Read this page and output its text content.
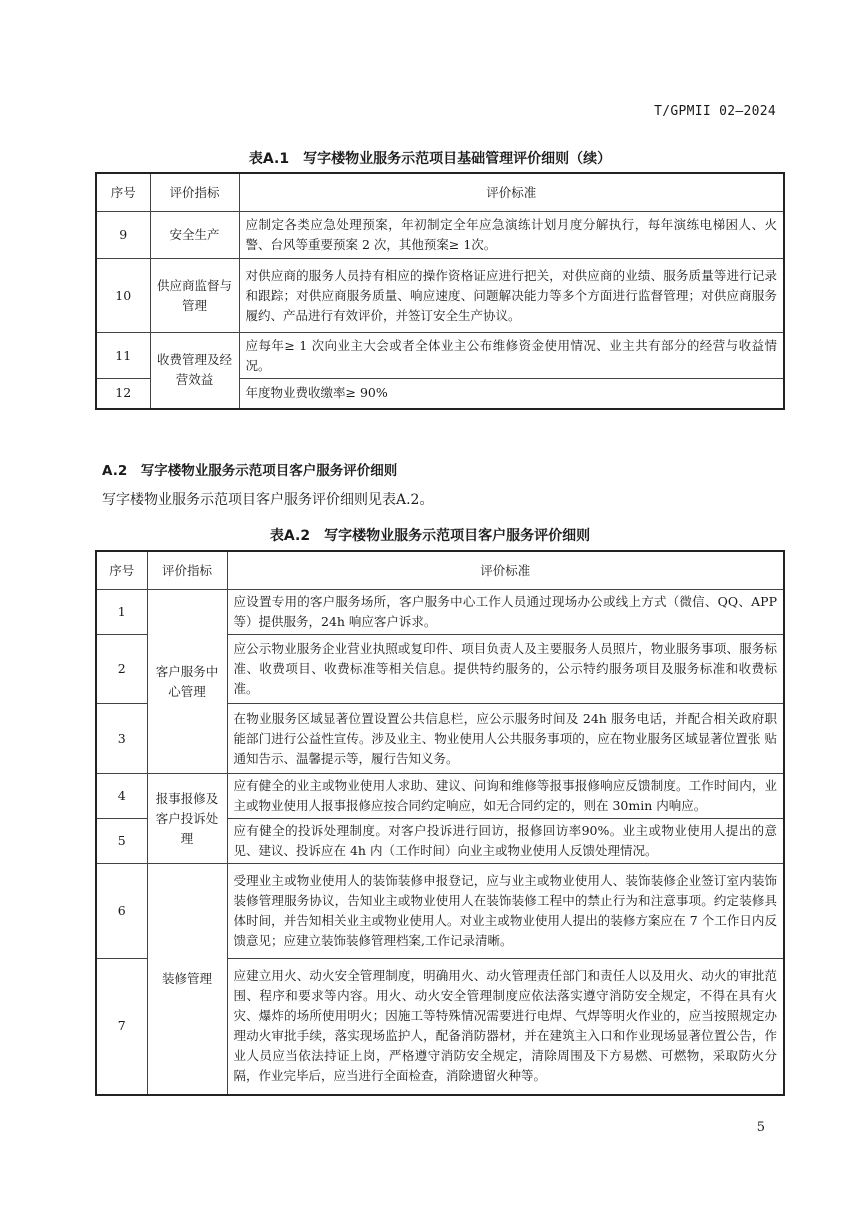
T/GPMII 02—2024
表A.1　写字楼物业服务示范项目基础管理评价细则（续）
序号	评价指标	评价标准
9	安全生产	应制定各类应急处理预案，年初制定全年应急演练计划月度分解执行，每年演练电梯困人、火警、台风等重要预案 2 次，其他预案≥ 1次。
10	供应商监督与管理	对供应商的服务人员持有相应的操作资格证应进行把关，对供应商的业绩、服务质量等进行记录和跟踪；对供应商服务质量、响应速度、问题解决能力等多个方面进行监督管理；对供应商服务履约、产品进行有效评价，并签订安全生产协议。
11	收费管理及经营效益	应每年≥ 1 次向业主大会或者全体业主公布维修资金使用情况、业主共有部分的经营与收益情况。
12		年度物业费收缴率≥ 90%
A.2　写字楼物业服务示范项目客户服务评价细则
写字楼物业服务示范项目客户服务评价细则见表A.2。
表A.2　写字楼物业服务示范项目客户服务评价细则
序号	评价指标	评价标准
1	客户服务中心管理	应设置专用的客户服务场所，客户服务中心工作人员通过现场办公或线上方式（微信、QQ、APP 等）提供服务，24h 响应客户诉求。
2		应公示物业服务企业营业执照或复印件、项目负责人及主要服务人员照片，物业服务事项、服务标准、收费项目、收费标准等相关信息。提供特约服务的，公示特约服务项目及服务标准和收费标准。
3		在物业服务区域显著位置设置公共信息栏，应公示服务时间及 24h 服务电话，并配合相关政府职 能部门进行公益性宣传。涉及业主、物业使用人公共服务事项的，应在物业服务区域显著位置张 贴通知告示、温馨提示等，履行告知义务。
4	报事报修及客户投诉处理	应有健全的业主或物业使用人求助、建议、问询和维修等报事报修响应反馈制度。工作时间内，业主或物业使用人报事报修应按合同约定响应，如无合同约定的，则在 30min 内响应。
5		应有健全的投诉处理制度。对客户投诉进行回访，报修回访率90%。业主或物业使用人提出的意见、建议、投诉应在 4h 内（工作时间）向业主或物业使用人反馈处理情况。
6	装修管理	受理业主或物业使用人的装饰装修申报登记，应与业主或物业使用人、装饰装修企业签订室内装饰装修管理服务协议，告知业主或物业使用人在装饰装修工程中的禁止行为和注意事项。约定装修具体时间，并告知相关业主或物业使用人。对业主或物业使用人提出的装修方案应在 7 个工作日内反馈意见；应建立装饰装修管理档案,工作记录清晰。
7		应建立用火、动火安全管理制度，明确用火、动火管理责任部门和责任人以及用火、动火的审批范围、程序和要求等内容。用火、动火安全管理制度应依法落实遵守消防安全规定，不得在具有火灾、爆炸的场所使用明火；因施工等特殊情况需要进行电焊、气焊等明火作业的，应当按照规定办理动火审批手续，落实现场监护人，配备消防器材，并在建筑主入口和作业现场显著位置公告，作业人员应当依法持证上岗，严格遵守消防安全规定，清除周围及下方易燃、可燃物，采取防火分隔，作业完毕后，应当进行全面检查，消除遗留火种等。
5
